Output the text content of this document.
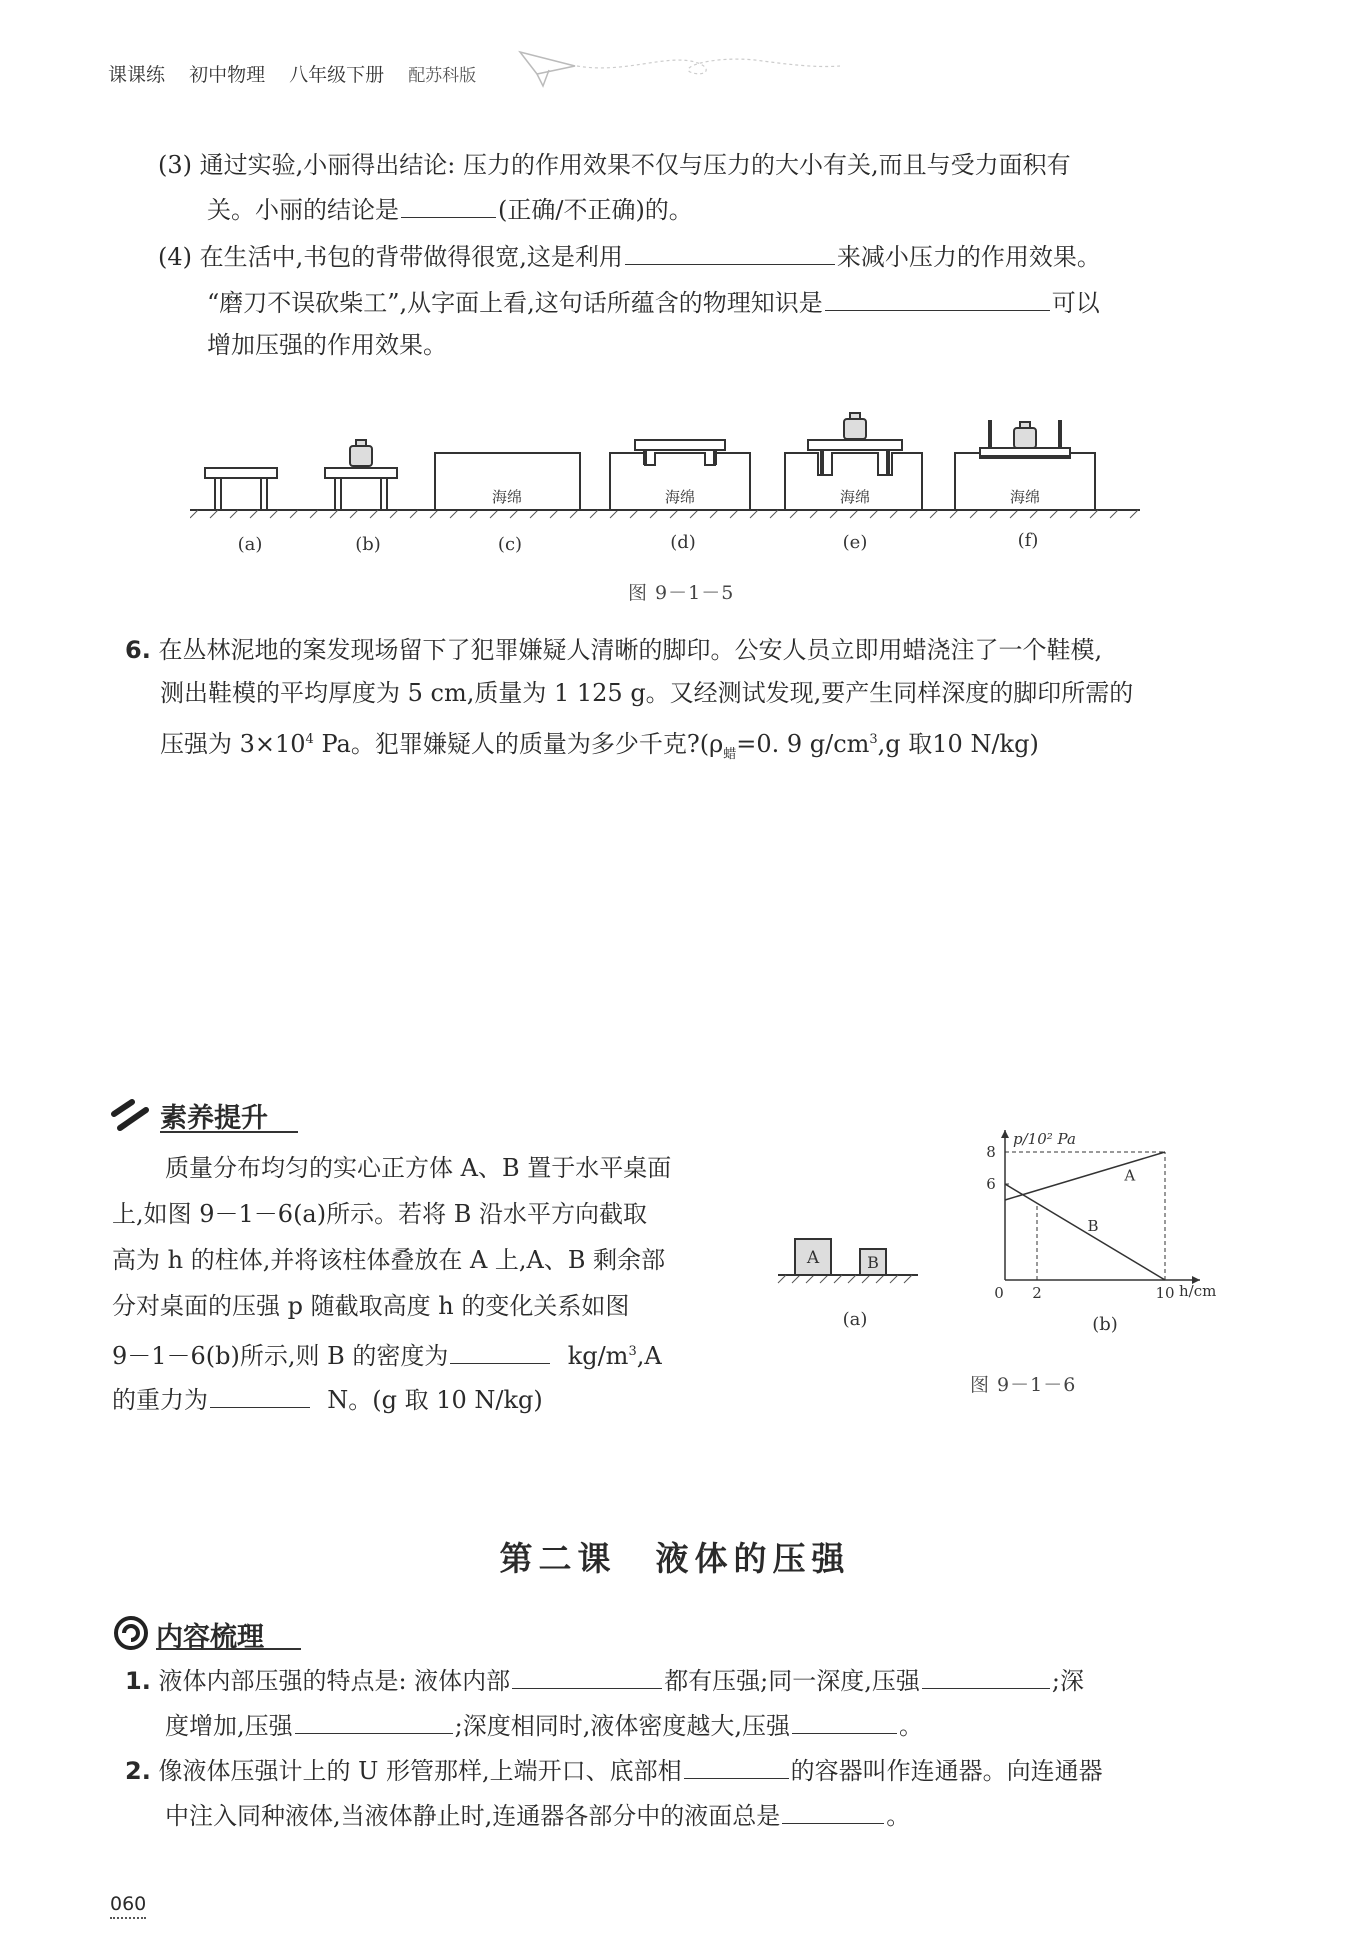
课课练 初中物理 八年级下册 配苏科版
(3) 通过实验,小丽得出结论: 压力的作用效果不仅与压力的大小有关,而且与受力面积有
关。小丽的结论是	(正确/不正确)的。
(4) 在生活中,书包的背带做得很宽,这是利用	来减小压力的作用效果。
“磨刀不误砍柴工”,从字面上看,这句话所蕴含的物理知识是	可以
增加压强的作用效果。
海绵	海绵	海绵	海绵
(a)	(b)	(c)	(d)	(e)	(f)
图 9－1－5
6. 在丛林泥地的案发现场留下了犯罪嫌疑人清晰的脚印。公安人员立即用蜡浇注了一个鞋模,
测出鞋模的平均厚度为 5 cm,质量为 1 125 g。又经测试发现,要产生同样深度的脚印所需的
压强为 $3\times 10^4$ Pa。犯罪嫌疑人的质量为多少千克$?(\rho_蜡=0$. 9 $g/cm^3,g$ 取10 N/kg)
素养提升
质量分布均匀的实心正方体 A、B 置于水平桌面
上,如图 9－1－6(a)所示。若将 B 沿水平方向截取
高为 h 的柱体,并将该柱体叠放在 A 上,A、B 剩余部
分对桌面的压强 p 随截取高度 h 的变化关系如图
9－1－6(b)所示,则 B 的密度为	$kg/m^3,A$
的重力为	N。(g 取 10 N/kg)
A	B
(a)
p/10² Pa
h/cm
8
6
0 2	10
A
B
(b)
图 9－1－6
第二课　液体的压强
内容梳理
1. 液体内部压强的特点是: 液体内部	都有压强;同一深度,压强	;深
度增加,压强	;深度相同时,液体密度越大,压强	。
2. 像液体压强计上的 U 形管那样,上端开口、底部相	的容器叫作连通器。向连通器
中注入同种液体,当液体静止时,连通器各部分中的液面总是	。
060
